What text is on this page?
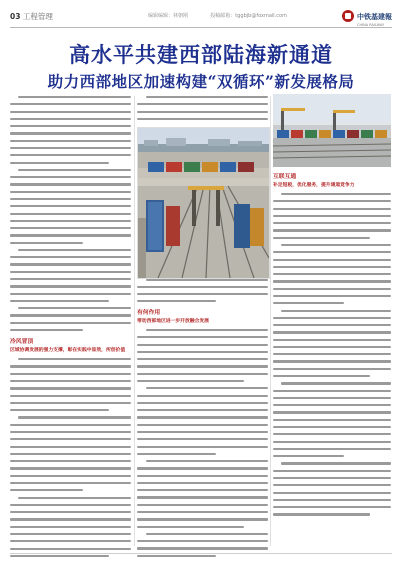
03 工程管理	编辑编辑：林朝刚	投稿邮箱：tggbjb@foxmail.com	中铁基建報
CHINA RAILWAY
高水平共建西部陆海新通道
助力西部地区加速构建“双循环”新发展格局
冷风冒顶
区域协调发展的强力支撑，彰在实践中显效，所创价值
有何作用
带动西部地区进一步开放融合发展
互联互通
补足短板，优化服务，提升通道竞争力
